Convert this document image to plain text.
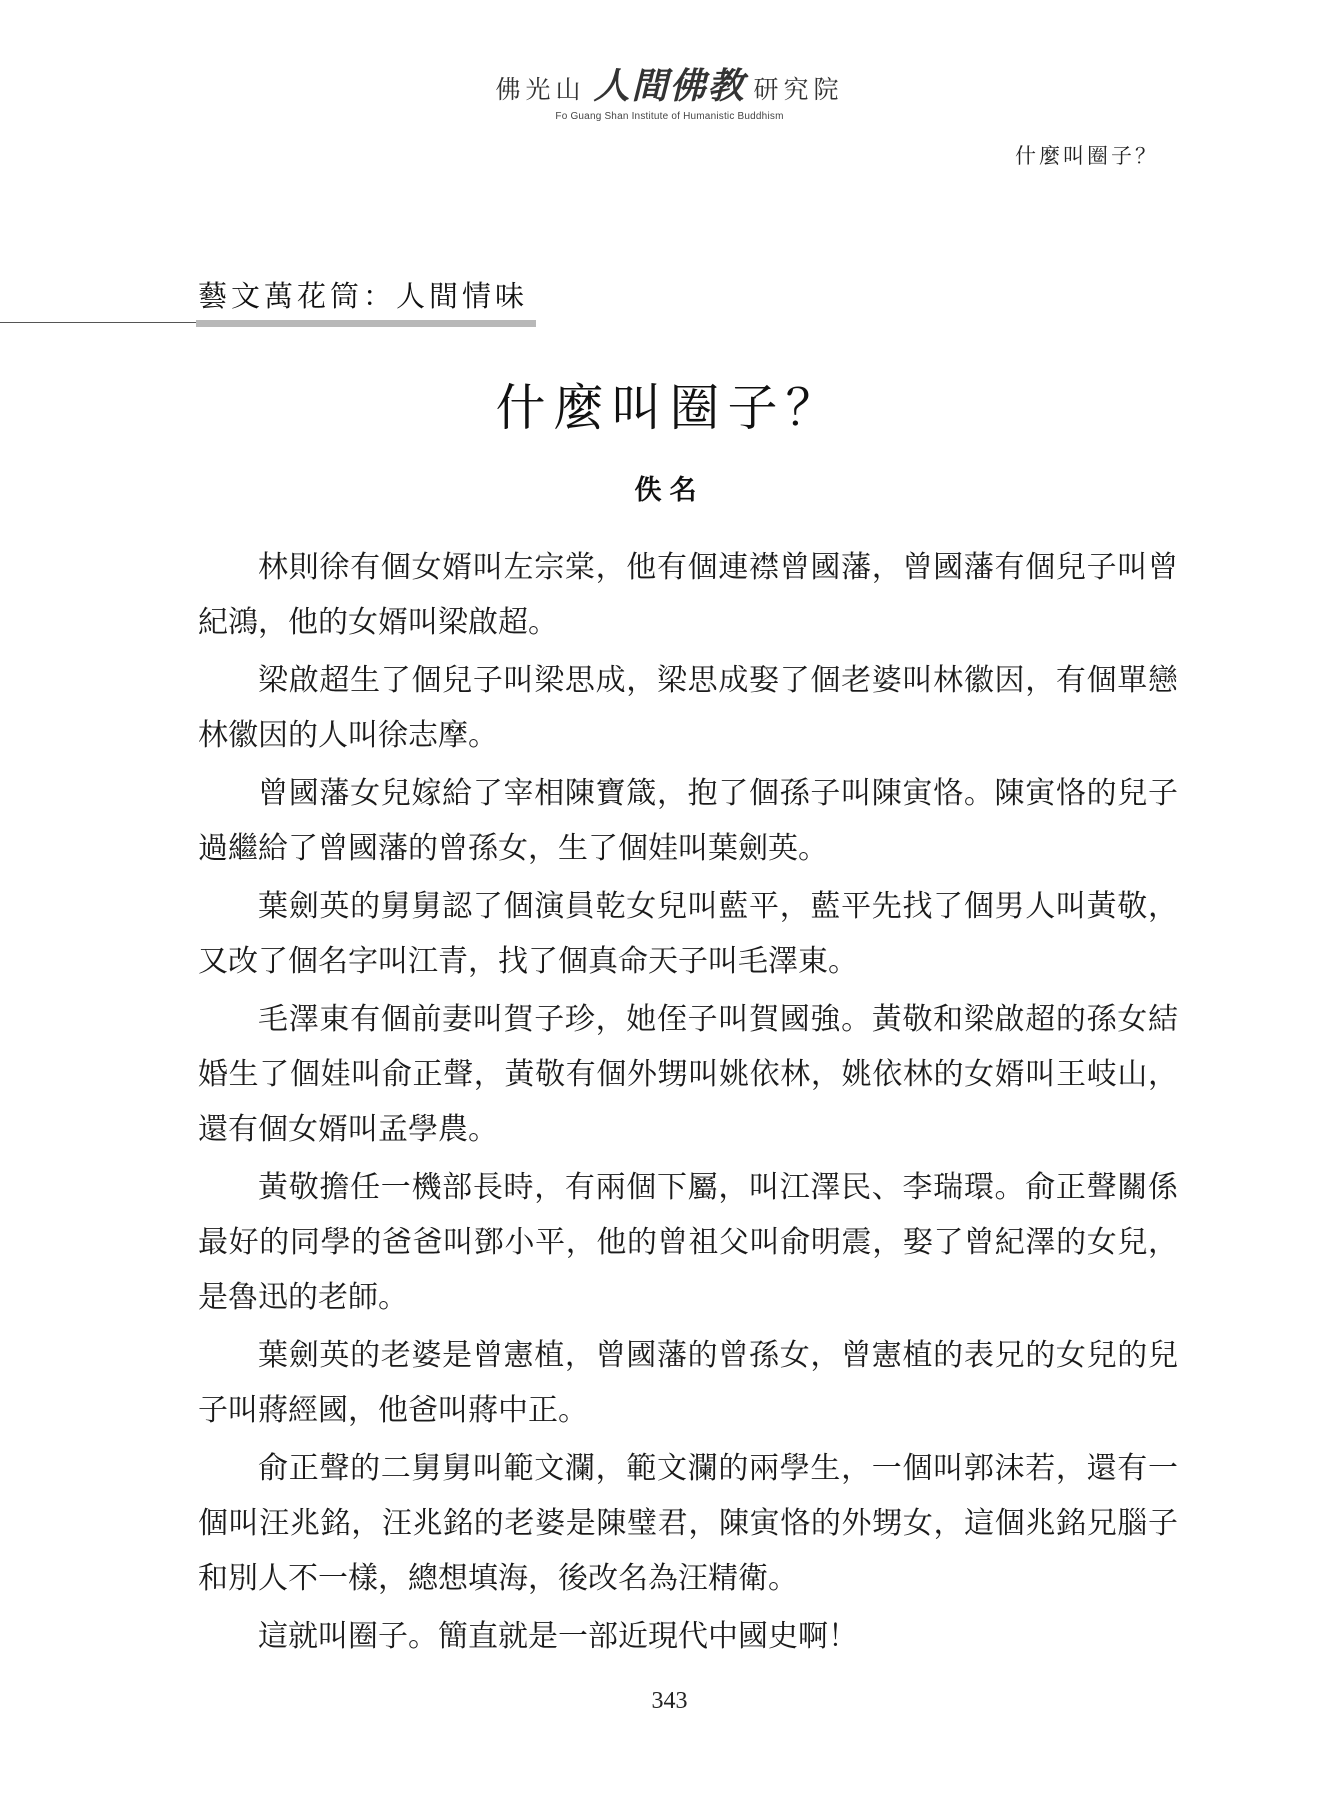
佛光山 人間佛教 研究院
Fo Guang Shan Institute of Humanistic Buddhism
什麼叫圈子？
藝文萬花筒：人間情味
什麼叫圈子？
佚名

林則徐有個女婿叫左宗棠，他有個連襟曾國藩，曾國藩有個兒子叫曾紀鴻，他的女婿叫梁啟超。

梁啟超生了個兒子叫梁思成，梁思成娶了個老婆叫林徽因，有個單戀林徽因的人叫徐志摩。

曾國藩女兒嫁給了宰相陳寶箴，抱了個孫子叫陳寅恪。陳寅恪的兒子過繼給了曾國藩的曾孫女，生了個娃叫葉劍英。

葉劍英的舅舅認了個演員乾女兒叫藍平，藍平先找了個男人叫黃敬，又改了個名字叫江青，找了個真命天子叫毛澤東。

毛澤東有個前妻叫賀子珍，她侄子叫賀國強。黃敬和梁啟超的孫女結婚生了個娃叫俞正聲，黃敬有個外甥叫姚依林，姚依林的女婿叫王岐山，還有個女婿叫孟學農。

黃敬擔任一機部長時，有兩個下屬，叫江澤民、李瑞環。俞正聲關係最好的同學的爸爸叫鄧小平，他的曾祖父叫俞明震，娶了曾紀澤的女兒，是魯迅的老師。

葉劍英的老婆是曾憲植，曾國藩的曾孫女，曾憲植的表兄的女兒的兒子叫蔣經國，他爸叫蔣中正。

俞正聲的二舅舅叫範文瀾，範文瀾的兩學生，一個叫郭沫若，還有一個叫汪兆銘，汪兆銘的老婆是陳璧君，陳寅恪的外甥女，這個兆銘兄腦子和別人不一樣，總想填海，後改名為汪精衛。

這就叫圈子。簡直就是一部近現代中國史啊！

343
